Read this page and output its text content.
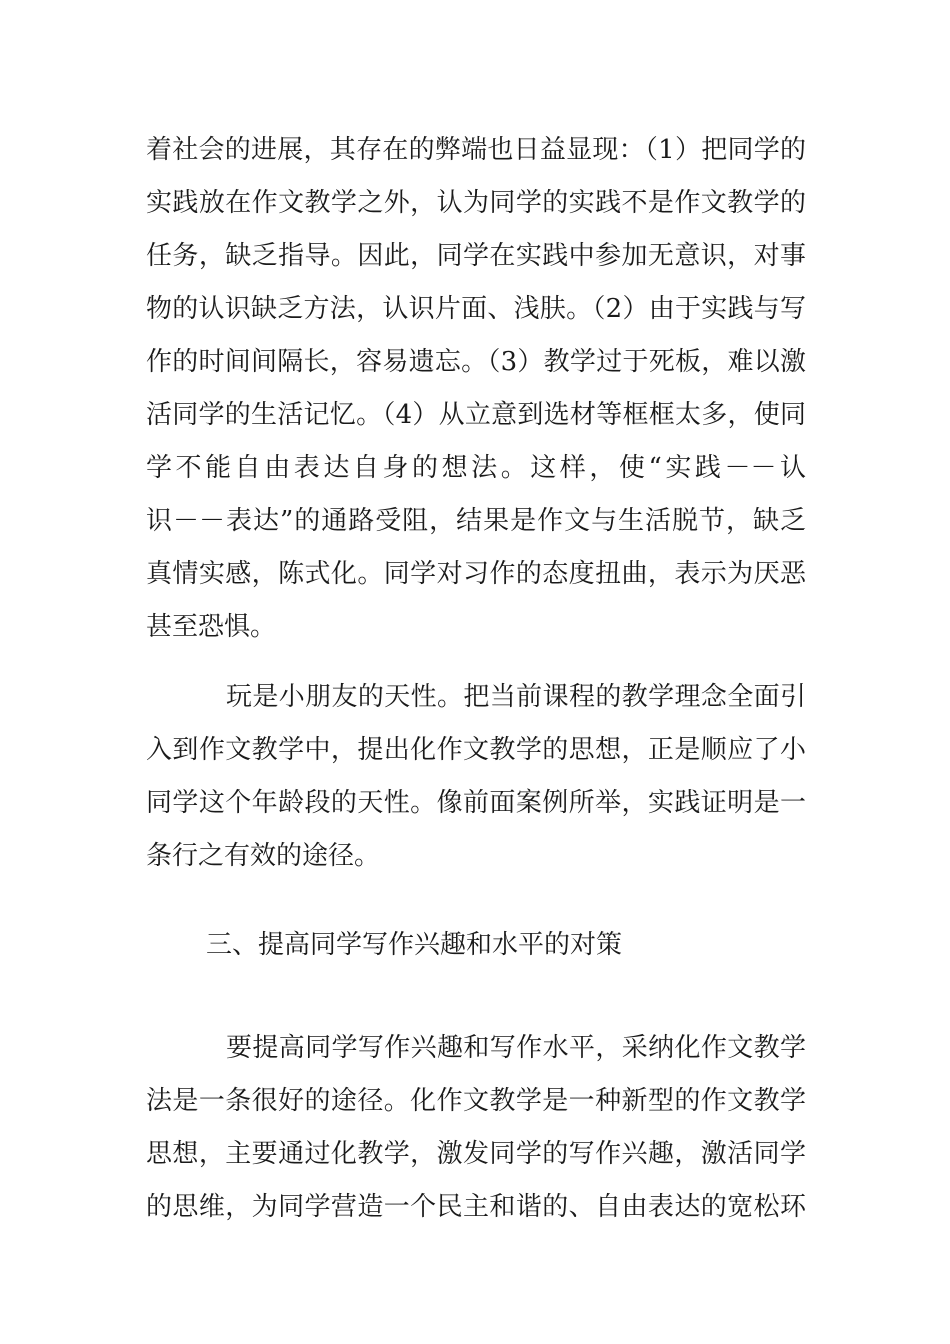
着社会的进展，其存在的弊端也日益显现：（1）把同学的
实践放在作文教学之外，认为同学的实践不是作文教学的
任务，缺乏指导。因此，同学在实践中参加无意识，对事
物的认识缺乏方法，认识片面、浅肤。（2）由于实践与写
作的时间间隔长，容易遗忘。（3）教学过于死板，难以激
活同学的生活记忆。（4）从立意到选材等框框太多，使同
学不能自由表达自身的想法。这样，使“实践－－认
识－－表达”的通路受阻，结果是作文与生活脱节，缺乏
真情实感，陈式化。同学对习作的态度扭曲，表示为厌恶
甚至恐惧。
玩是小朋友的天性。把当前课程的教学理念全面引
入到作文教学中，提出化作文教学的思想，正是顺应了小
同学这个年龄段的天性。像前面案例所举，实践证明是一
条行之有效的途径。
三、提高同学写作兴趣和水平的对策
要提高同学写作兴趣和写作水平，采纳化作文教学
法是一条很好的途径。化作文教学是一种新型的作文教学
思想，主要通过化教学，激发同学的写作兴趣，激活同学
的思维，为同学营造一个民主和谐的、自由表达的宽松环
